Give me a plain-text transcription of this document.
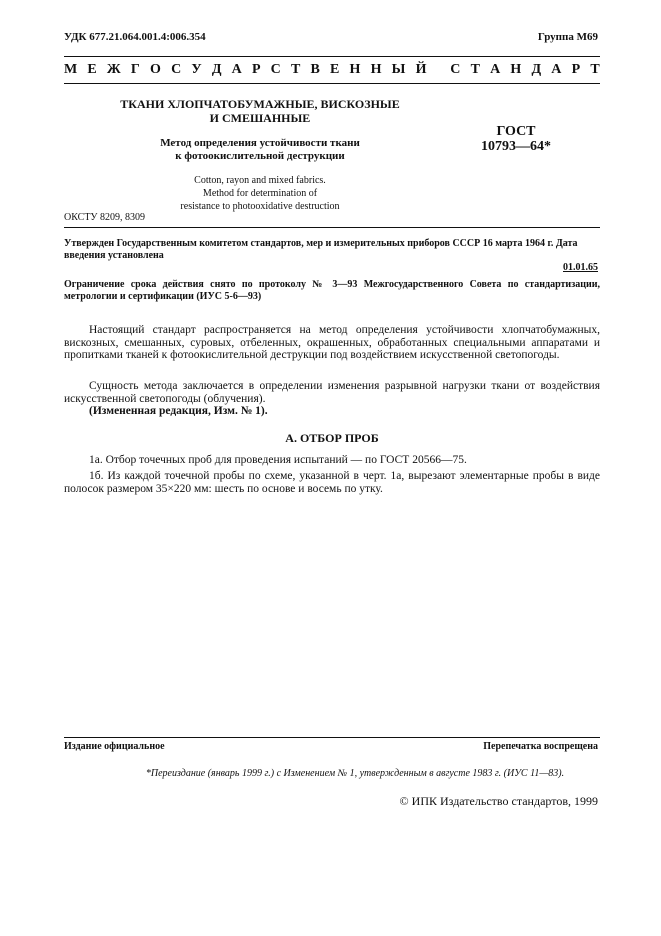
УДК 677.21.064.001.4:006.354	Группа М69
М Е Ж Г О С У Д А Р С Т В Е Н Н Ы Й
С Т А Н Д А Р Т
ТКАНИ ХЛОПЧАТОБУМАЖНЫЕ, ВИСКОЗНЫЕ
И СМЕШАННЫЕ
Метод определения устойчивости ткани
к фотоокислительной деструкции
ГОСТ
10793—64*
Cotton, rayon and mixed fabrics.
Method for determination of
resistance to photooxidative destruction
ОКСТУ 8209, 8309
Утвержден Государственным комитетом стандартов, мер и измерительных приборов СССР 16 марта 1964 г. Дата введения установлена
01.01.65
Ограничение срока действия снято по протоколу № 3—93 Межгосударственного Совета по стандартизации, метрологии и сертификации (ИУС 5-6—93)
Настоящий стандарт распространяется на метод определения устойчивости хлопчатобумажных, вискозных, смешанных, суровых, отбеленных, окрашенных, обработанных специальными аппаратами и пропитками тканей к фотоокислительной деструкции под воздействием искусственной светопогоды.
Сущность метода заключается в определении изменения разрывной нагрузки ткани от воздействия искусственной светопогоды (облучения).
(Измененная редакция, Изм. № 1).
А. ОТБОР ПРОБ
1а. Отбор точечных проб для проведения испытаний — по ГОСТ 20566—75.
1б. Из каждой точечной пробы по схеме, указанной в черт. 1а, вырезают элементарные пробы в виде полосок размером 35×220 мм: шесть по основе и восемь по утку.
Издание официальное	Перепечатка воспрещена
*Переиздание (январь 1999 г.) с Изменением № 1, утвержденным в августе 1983 г. (ИУС 11—83).
© ИПК Издательство стандартов, 1999
